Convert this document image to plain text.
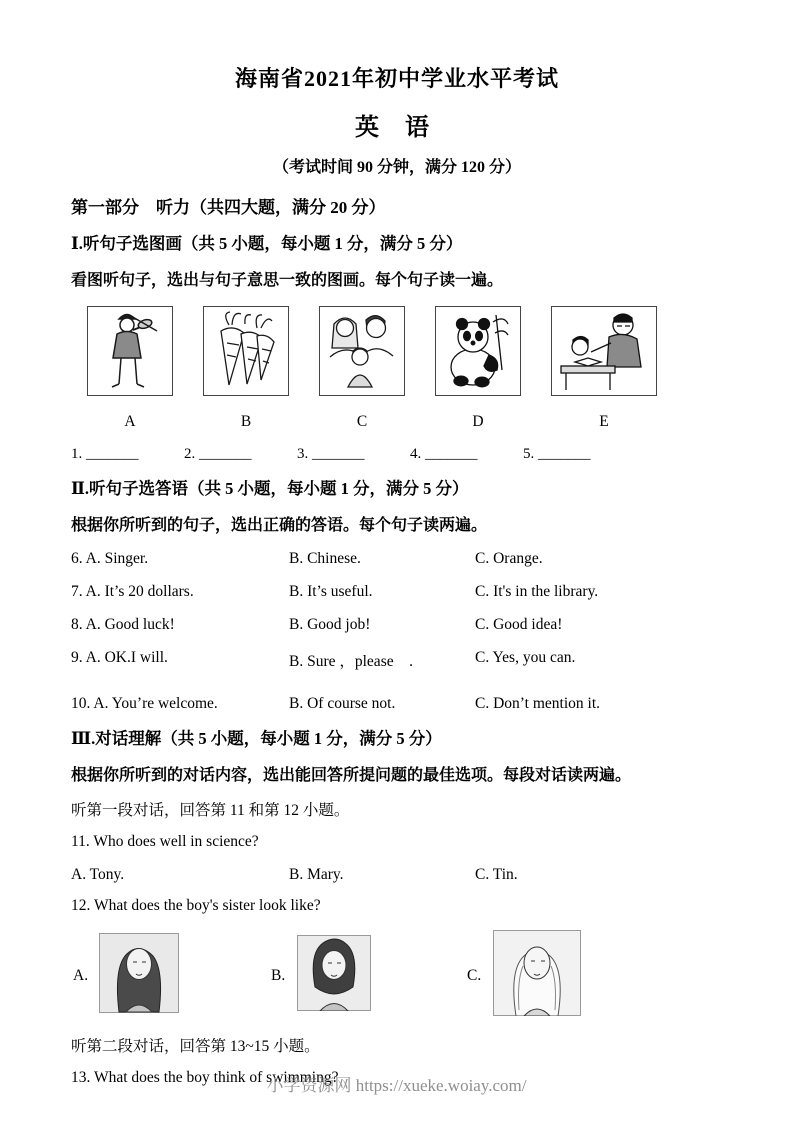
海南省2021年初中学业水平考试
英 语
（考试时间 90 分钟，满分 120 分）
第一部分　听力（共四大题，满分 20 分）
Ⅰ.听句子选图画（共 5 小题，每小题 1 分，满分 5 分）
看图听句子，选出与句子意思一致的图画。每个句子读一遍。
A	B	C	D	E
1. _______	2. _______	3. _______	4. _______	5. _______
Ⅱ.听句子选答语（共 5 小题，每小题 1 分，满分 5 分）
根据你所听到的句子，选出正确的答语。每个句子读两遍。
6. A. Singer.	B. Chinese.	C. Orange.
7. A. It’s 20 dollars.	B. It’s useful.	C. It's in the library.
8. A. Good luck!	B. Good job!	C. Good idea!
9. A. OK.I will.	B. Sure ，please　.	C. Yes, you can.
10. A. You’re welcome.	B. Of course not.	C. Don’t mention it.
Ⅲ.对话理解（共 5 小题，每小题 1 分，满分 5 分）
根据你所听到的对话内容，选出能回答所提问题的最佳选项。每段对话读两遍。
听第一段对话，回答第 11 和第 12 小题。
11. Who does well in science?
A. Tony.	B. Mary.	C. Tin.
12. What does the boy's sister look like?
A.	B.	C.
听第二段对话，回答第 13~15 小题。
13. What does the boy think of swimming?
小学资源网 https://xueke.woiay.com/
